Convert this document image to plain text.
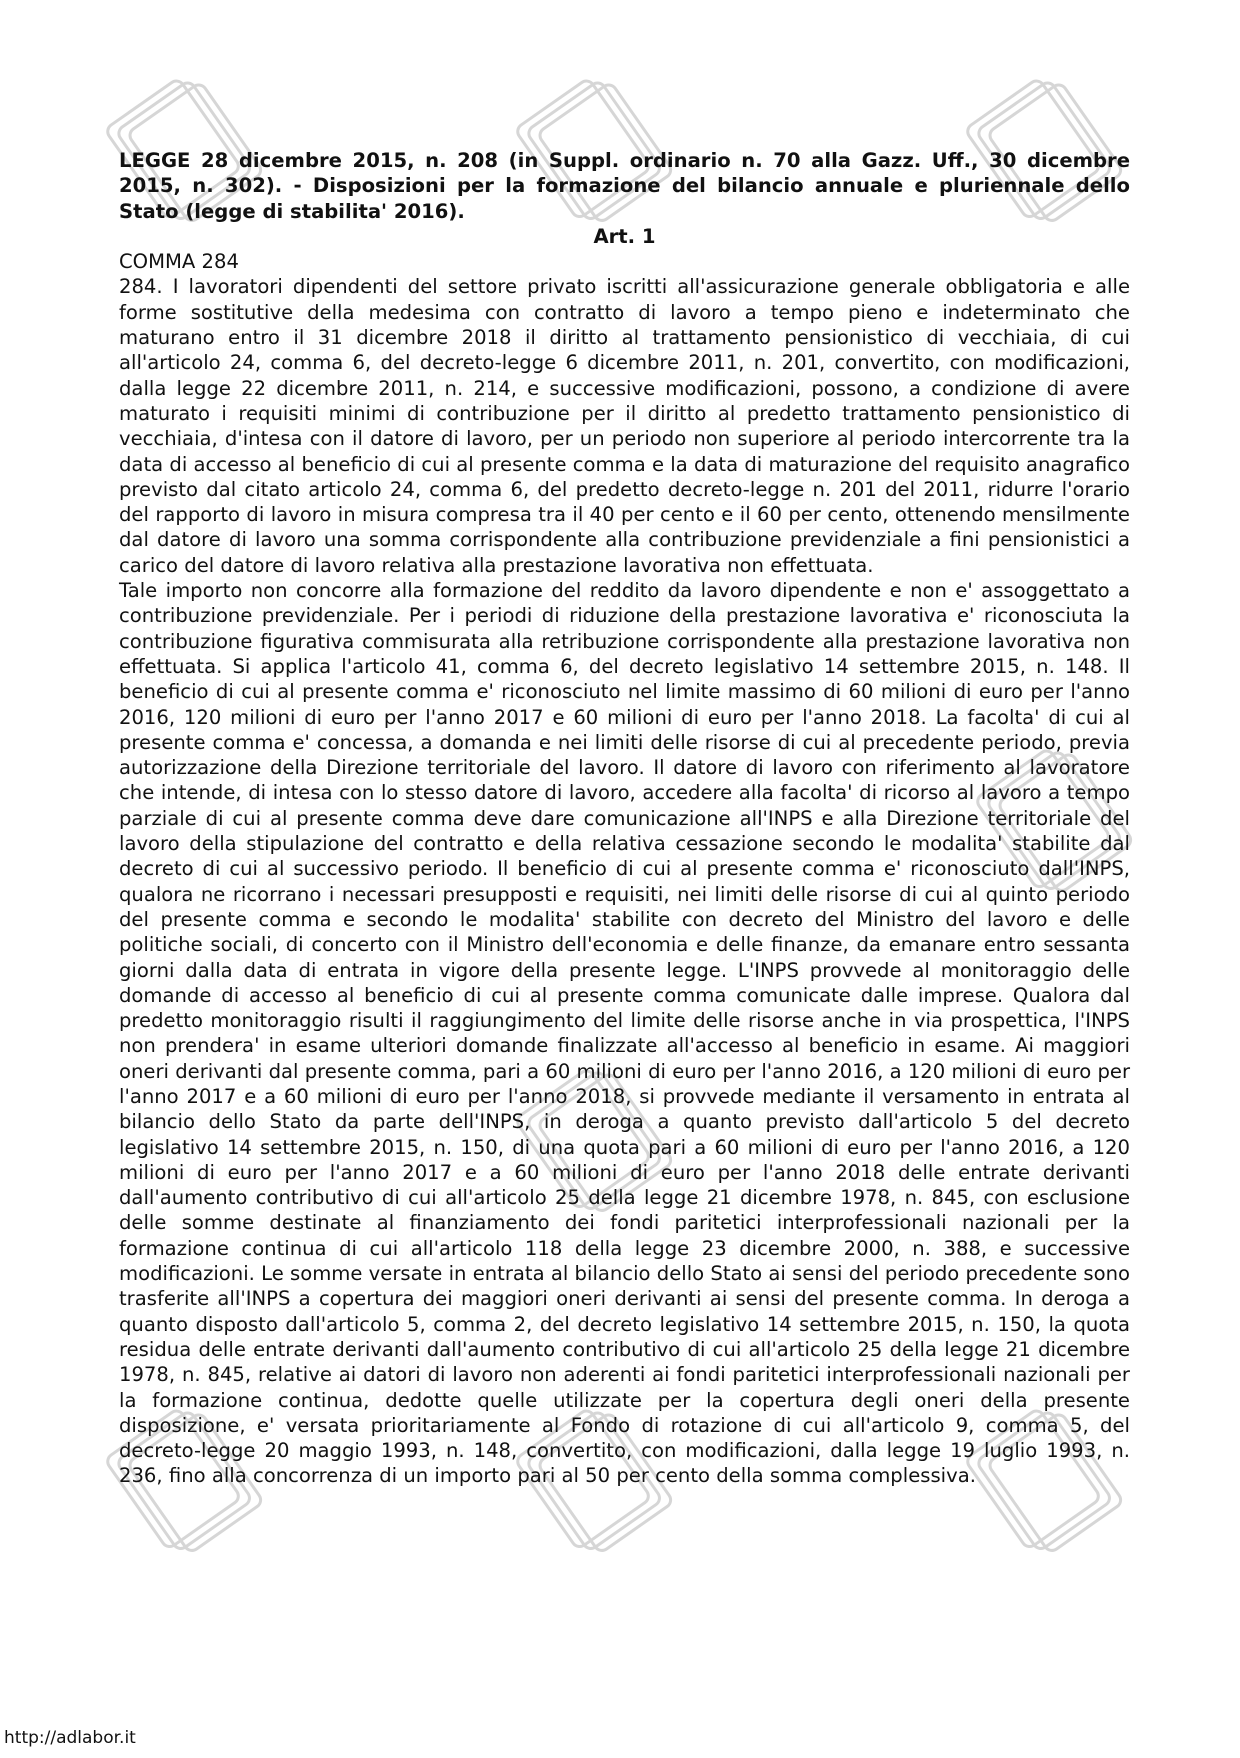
LEGGE 28 dicembre 2015, n. 208 (in Suppl. ordinario n. 70 alla Gazz. Uff., 30 dicembre 2015, n. 302). - Disposizioni per la formazione del bilancio annuale e pluriennale dello Stato (legge di stabilita' 2016).

Art. 1

COMMA 284

284. I lavoratori dipendenti del settore privato iscritti all'assicurazione generale obbligatoria e alle forme sostitutive della medesima con contratto di lavoro a tempo pieno e indeterminato che maturano entro il 31 dicembre 2018 il diritto al trattamento pensionistico di vecchiaia, di cui all'articolo 24, comma 6, del decreto-legge 6 dicembre 2011, n. 201, convertito, con modificazioni, dalla legge 22 dicembre 2011, n. 214, e successive modificazioni, possono, a condizione di avere maturato i requisiti minimi di contribuzione per il diritto al predetto trattamento pensionistico di vecchiaia, d'intesa con il datore di lavoro, per un periodo non superiore al periodo intercorrente tra la data di accesso al beneficio di cui al presente comma e la data di maturazione del requisito anagrafico previsto dal citato articolo 24, comma 6, del predetto decreto-legge n. 201 del 2011, ridurre l'orario del rapporto di lavoro in misura compresa tra il 40 per cento e il 60 per cento, ottenendo mensilmente dal datore di lavoro una somma corrispondente alla contribuzione previdenziale a fini pensionistici a carico del datore di lavoro relativa alla prestazione lavorativa non effettuata.

Tale importo non concorre alla formazione del reddito da lavoro dipendente e non e' assoggettato a contribuzione previdenziale. Per i periodi di riduzione della prestazione lavorativa e' riconosciuta la contribuzione figurativa commisurata alla retribuzione corrispondente alla prestazione lavorativa non effettuata. Si applica l'articolo 41, comma 6, del decreto legislativo 14 settembre 2015, n. 148. Il beneficio di cui al presente comma e' riconosciuto nel limite massimo di 60 milioni di euro per l'anno 2016, 120 milioni di euro per l'anno 2017 e 60 milioni di euro per l'anno 2018. La facolta' di cui al presente comma e' concessa, a domanda e nei limiti delle risorse di cui al precedente periodo, previa autorizzazione della Direzione territoriale del lavoro. Il datore di lavoro con riferimento al lavoratore che intende, di intesa con lo stesso datore di lavoro, accedere alla facolta' di ricorso al lavoro a tempo parziale di cui al presente comma deve dare comunicazione all'INPS e alla Direzione territoriale del lavoro della stipulazione del contratto e della relativa cessazione secondo le modalita' stabilite dal decreto di cui al successivo periodo. Il beneficio di cui al presente comma e' riconosciuto dall'INPS, qualora ne ricorrano i necessari presupposti e requisiti, nei limiti delle risorse di cui al quinto periodo del presente comma e secondo le modalita' stabilite con decreto del Ministro del lavoro e delle politiche sociali, di concerto con il Ministro dell'economia e delle finanze, da emanare entro sessanta giorni dalla data di entrata in vigore della presente legge. L'INPS provvede al monitoraggio delle domande di accesso al beneficio di cui al presente comma comunicate dalle imprese. Qualora dal predetto monitoraggio risulti il raggiungimento del limite delle risorse anche in via prospettica, l'INPS non prendera' in esame ulteriori domande finalizzate all'accesso al beneficio in esame. Ai maggiori oneri derivanti dal presente comma, pari a 60 milioni di euro per l'anno 2016, a 120 milioni di euro per l'anno 2017 e a 60 milioni di euro per l'anno 2018, si provvede mediante il versamento in entrata al bilancio dello Stato da parte dell'INPS, in deroga a quanto previsto dall'articolo 5 del decreto legislativo 14 settembre 2015, n. 150, di una quota pari a 60 milioni di euro per l'anno 2016, a 120 milioni di euro per l'anno 2017 e a 60 milioni di euro per l'anno 2018 delle entrate derivanti dall'aumento contributivo di cui all'articolo 25 della legge 21 dicembre 1978, n. 845, con esclusione delle somme destinate al finanziamento dei fondi paritetici interprofessionali nazionali per la formazione continua di cui all'articolo 118 della legge 23 dicembre 2000, n. 388, e successive modificazioni. Le somme versate in entrata al bilancio dello Stato ai sensi del periodo precedente sono trasferite all'INPS a copertura dei maggiori oneri derivanti ai sensi del presente comma. In deroga a quanto disposto dall'articolo 5, comma 2, del decreto legislativo 14 settembre 2015, n. 150, la quota residua delle entrate derivanti dall'aumento contributivo di cui all'articolo 25 della legge 21 dicembre 1978, n. 845, relative ai datori di lavoro non aderenti ai fondi paritetici interprofessionali nazionali per la formazione continua, dedotte quelle utilizzate per la copertura degli oneri della presente disposizione, e' versata prioritariamente al Fondo di rotazione di cui all'articolo 9, comma 5, del decreto-legge 20 maggio 1993, n. 148, convertito, con modificazioni, dalla legge 19 luglio 1993, n. 236, fino alla concorrenza di un importo pari al 50 per cento della somma complessiva.

http://adlabor.it
